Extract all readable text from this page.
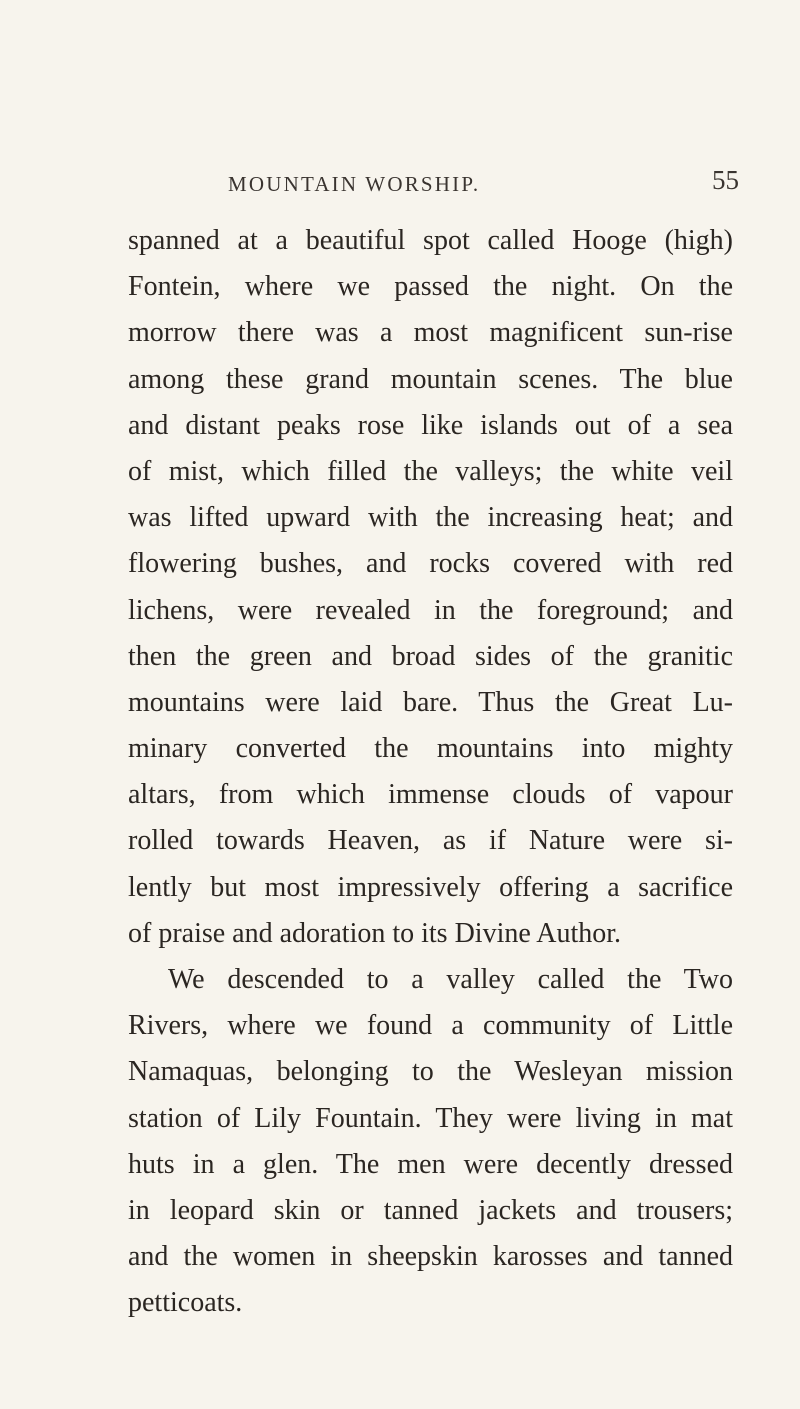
MOUNTAIN WORSHIP.	55
spanned at a beautiful spot called Hooge (high)
Fontein, where we passed the night. On the
morrow there was a most magnificent sun-rise
among these grand mountain scenes. The blue
and distant peaks rose like islands out of a sea
of mist, which filled the valleys; the white veil
was lifted upward with the increasing heat; and
flowering bushes, and rocks covered with red
lichens, were revealed in the foreground; and
then the green and broad sides of the granitic
mountains were laid bare. Thus the Great Lu-
minary converted the mountains into mighty
altars, from which immense clouds of vapour
rolled towards Heaven, as if Nature were si-
lently but most impressively offering a sacrifice
of praise and adoration to its Divine Author.
We descended to a valley called the Two
Rivers, where we found a community of Little
Namaquas, belonging to the Wesleyan mission
station of Lily Fountain. They were living in mat
huts in a glen. The men were decently dressed
in leopard skin or tanned jackets and trousers;
and the women in sheepskin karosses and tanned
petticoats.
